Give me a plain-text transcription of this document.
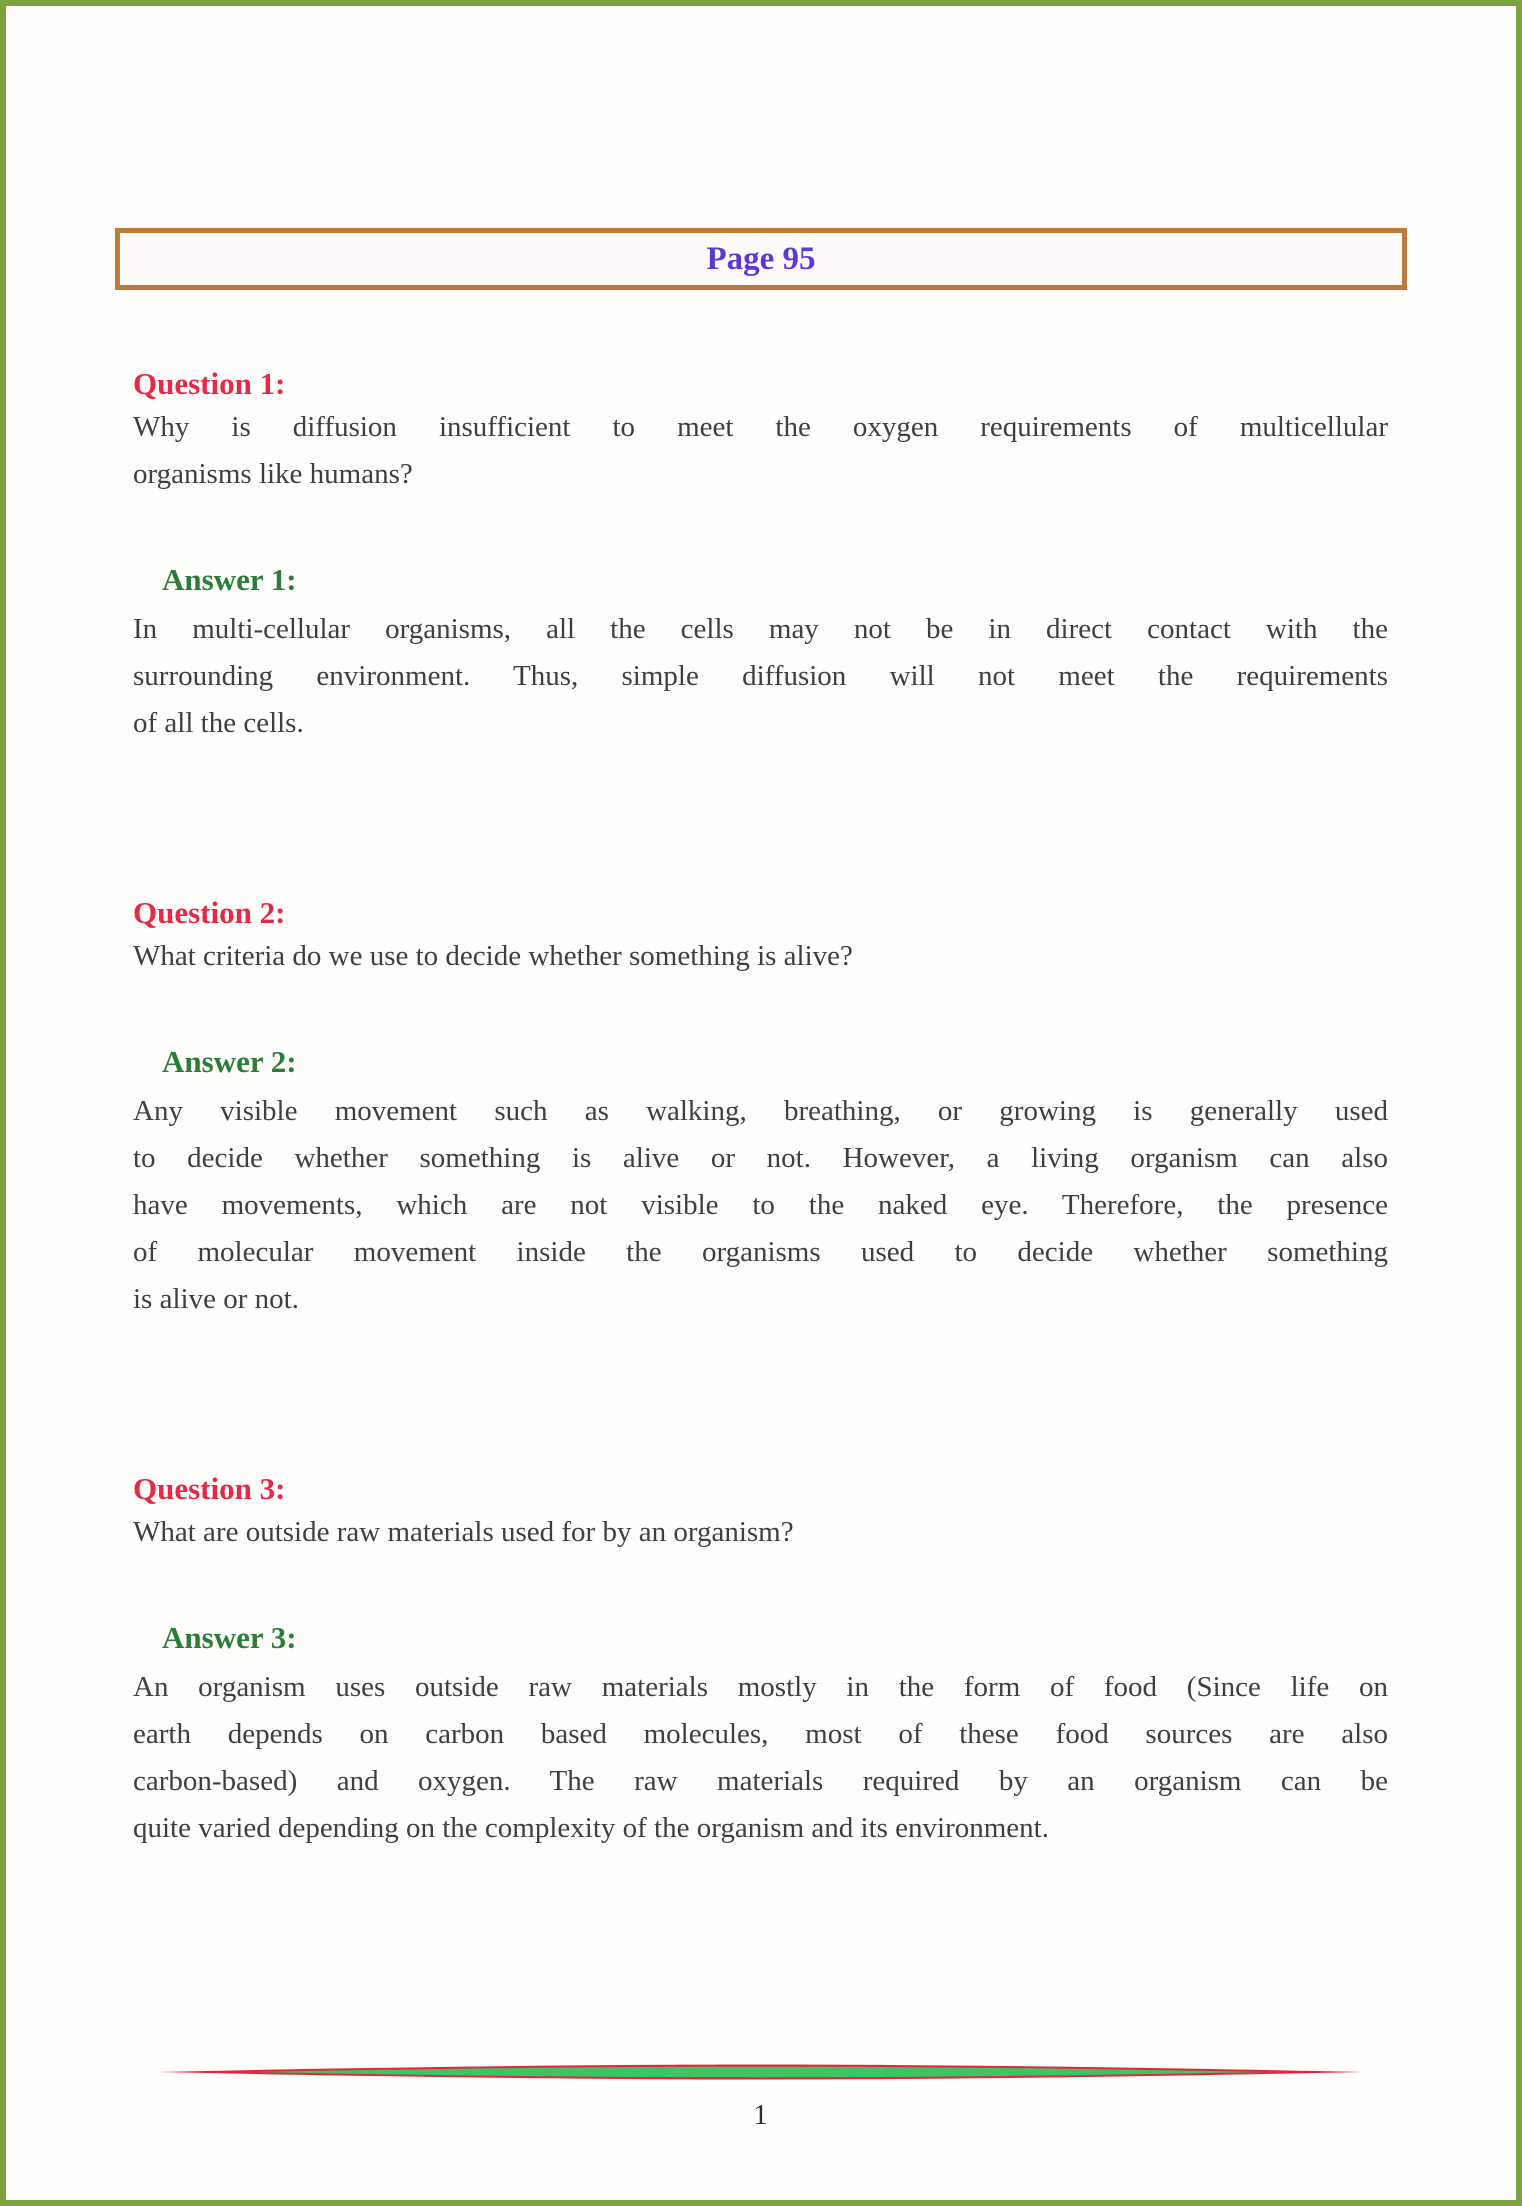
Page 95
Question 1:
Why is diffusion insufficient to meet the oxygen requirements of multicellular
organisms like humans?
Answer 1:
In multi-cellular organisms, all the cells may not be in direct contact with the
surrounding environment. Thus, simple diffusion will not meet the requirements
of all the cells.
Question 2:
What criteria do we use to decide whether something is alive?
Answer 2:
Any visible movement such as walking, breathing, or growing is generally used
to decide whether something is alive or not. However, a living organism can also
have movements, which are not visible to the naked eye. Therefore, the presence
of molecular movement inside the organisms used to decide whether something
is alive or not.
Question 3:
What are outside raw materials used for by an organism?
Answer 3:
An organism uses outside raw materials mostly in the form of food (Since life on
earth depends on carbon based molecules, most of these food sources are also
carbon-based) and oxygen. The raw materials required by an organism can be
quite varied depending on the complexity of the organism and its environment.
1
